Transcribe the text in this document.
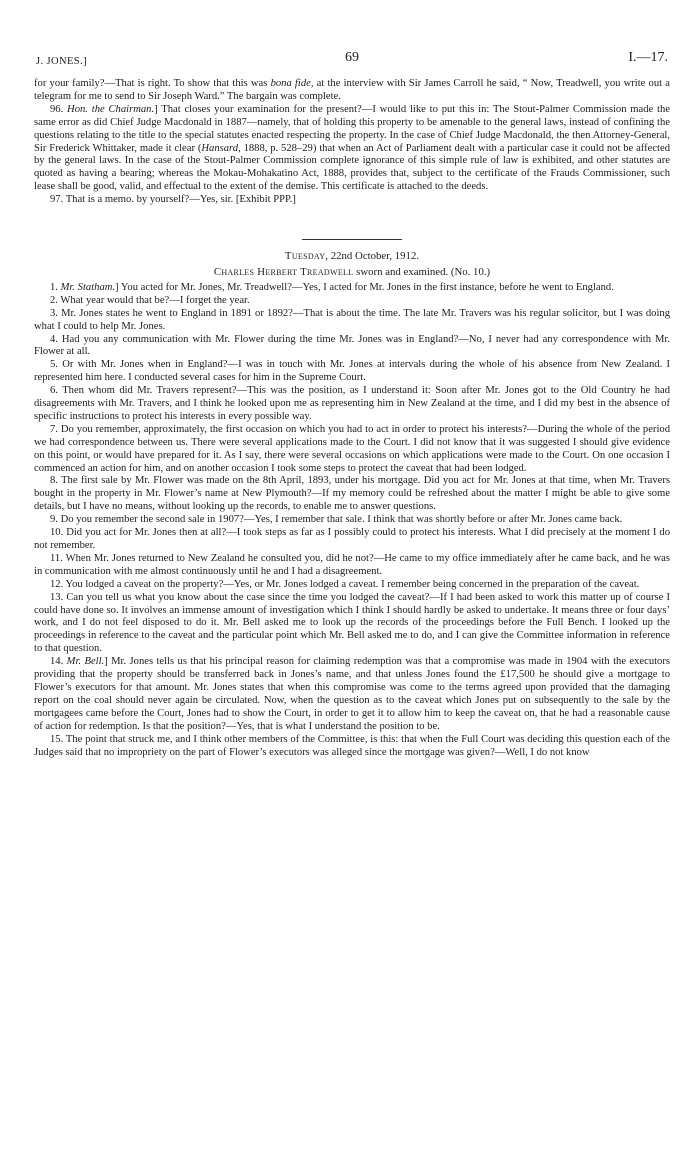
J. JONES.]	69	I.—17.

for your family?—That is right. To show that this was bona fide, at the interview with Sir James Carroll he said, “ Now, Treadwell, you write out a telegram for me to send to Sir Joseph Ward.” The bargain was complete.

96. Hon. the Chairman.] That closes your examination for the present?—I would like to put this in: The Stout-Palmer Commission made the same error as did Chief Judge Macdonald in 1887—namely, that of holding this property to be amenable to the general laws, instead of confining the questions relating to the title to the special statutes enacted respecting the property. In the case of Chief Judge Macdonald, the then Attorney-General, Sir Frederick Whittaker, made it clear (Hansard, 1888, p. 528–29) that when an Act of Parliament dealt with a particular case it could not be affected by the general laws. In the case of the Stout-Palmer Commission complete ignorance of this simple rule of law is exhibited, and other statutes are quoted as having a bearing; whereas the Mokau-Mohakatino Act, 1888, provides that, subject to the certificate of the Frauds Commissioner, such lease shall be good, valid, and effectual to the extent of the demise. This certificate is attached to the deeds.

97. That is a memo. by yourself?—Yes, sir. [Exhibit PPP.]

Tuesday, 22nd October, 1912.

Charles Herbert Treadwell sworn and examined. (No. 10.)

1. Mr. Statham.] You acted for Mr. Jones, Mr. Treadwell?—Yes, I acted for Mr. Jones in the first instance, before he went to England.

2. What year would that be?—I forget the year.

3. Mr. Jones states he went to England in 1891 or 1892?—That is about the time. The late Mr. Travers was his regular solicitor, but I was doing what I could to help Mr. Jones.

4. Had you any communication with Mr. Flower during the time Mr. Jones was in England?—No, I never had any correspondence with Mr. Flower at all.

5. Or with Mr. Jones when in England?—I was in touch with Mr. Jones at intervals during the whole of his absence from New Zealand. I represented him here. I conducted several cases for him in the Supreme Court.

6. Then whom did Mr. Travers represent?—This was the position, as I understand it: Soon after Mr. Jones got to the Old Country he had disagreements with Mr. Travers, and I think he looked upon me as representing him in New Zealand at the time, and I did my best in the absence of specific instructions to protect his interests in every possible way.

7. Do you remember, approximately, the first occasion on which you had to act in order to protect his interests?—During the whole of the period we had correspondence between us. There were several applications made to the Court. I did not know that it was suggested I should give evidence on this point, or would have prepared for it. As I say, there were several occasions on which applications were made to the Court. On one occasion I commenced an action for him, and on another occasion I took some steps to protect the caveat that had been lodged.

8. The first sale by Mr. Flower was made on the 8th April, 1893, under his mortgage. Did you act for Mr. Jones at that time, when Mr. Travers bought in the property in Mr. Flower’s name at New Plymouth?—If my memory could be refreshed about the matter I might be able to give some details, but I have no means, without looking up the records, to enable me to answer questions.

9. Do you remember the second sale in 1907?—Yes, I remember that sale. I think that was shortly before or after Mr. Jones came back.

10. Did you act for Mr. Jones then at all?—I took steps as far as I possibly could to protect his interests. What I did precisely at the moment I do not remember.

11. When Mr. Jones returned to New Zealand he consulted you, did he not?—He came to my office immediately after he came back, and he was in communication with me almost continuously until he and I had a disagreement.

12. You lodged a caveat on the property?—Yes, or Mr. Jones lodged a caveat. I remember being concerned in the preparation of the caveat.

13. Can you tell us what you know about the case since the time you lodged the caveat?—If I had been asked to work this matter up of course I could have done so. It involves an immense amount of investigation which I think I should hardly be asked to undertake. It means three or four days’ work, and I do not feel disposed to do it. Mr. Bell asked me to look up the records of the proceedings before the Full Bench. I looked up the proceedings in reference to the caveat and the particular point which Mr. Bell asked me to do, and I can give the Committee information in reference to that question.

14. Mr. Bell.] Mr. Jones tells us that his principal reason for claiming redemption was that a compromise was made in 1904 with the executors providing that the property should be transferred back in Jones’s name, and that unless Jones found the £17,500 he should give a mortgage to Flower’s executors for that amount. Mr. Jones states that when this compromise was come to the terms agreed upon provided that the damaging report on the coal should never again be circulated. Now, when the question as to the caveat which Jones put on subsequently to the sale by the mortgagees came before the Court, Jones had to show the Court, in order to get it to allow him to keep the caveat on, that he had a reasonable cause of action for redemption. Is that the position?—Yes, that is what I understand the position to be.

15. The point that struck me, and I think other members of the Committee, is this: that when the Full Court was deciding this question each of the Judges said that no impropriety on the part of Flower’s executors was alleged since the mortgage was given?—Well, I do not know
